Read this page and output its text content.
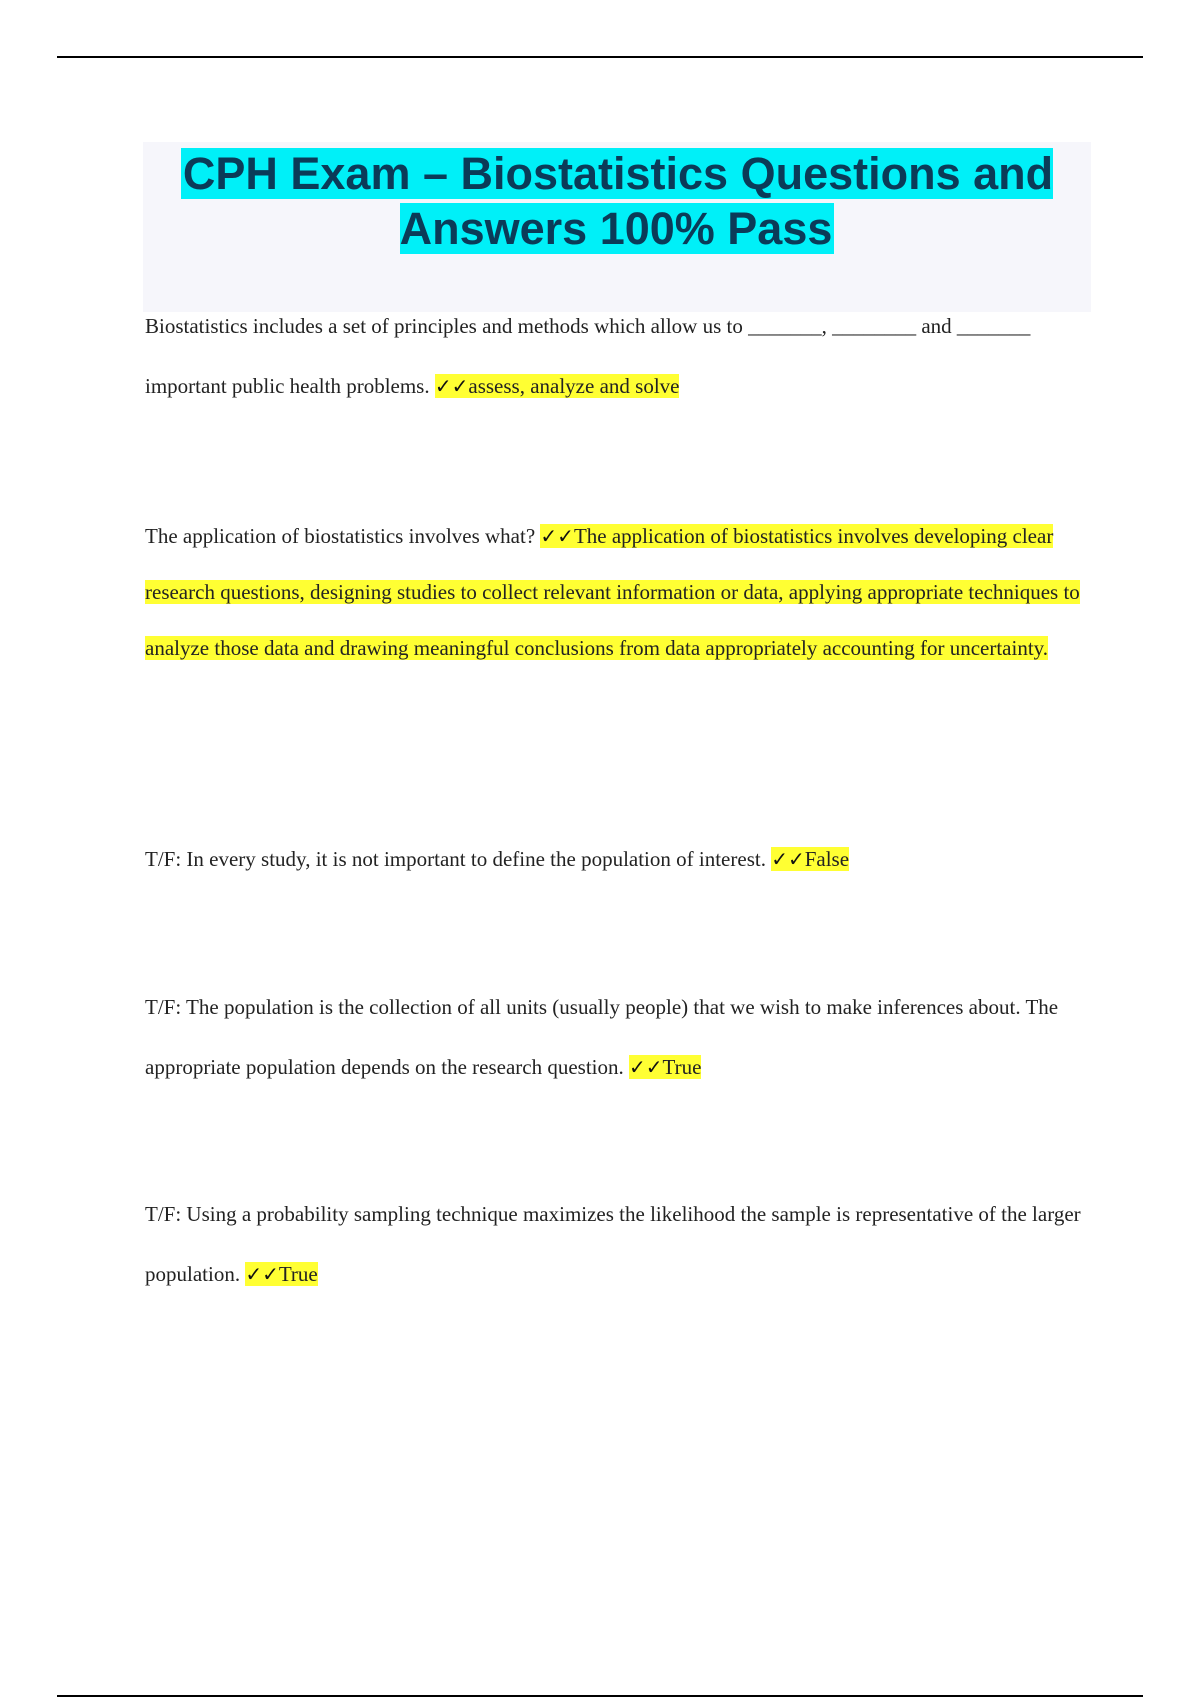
CPH Exam – Biostatistics Questions and Answers 100% Pass

Biostatistics includes a set of principles and methods which allow us to _______, ________ and _______ important public health problems. ✓✓assess, analyze and solve

The application of biostatistics involves what? ✓✓The application of biostatistics involves developing clear research questions, designing studies to collect relevant information or data, applying appropriate techniques to analyze those data and drawing meaningful conclusions from data appropriately accounting for uncertainty.

T/F: In every study, it is not important to define the population of interest. ✓✓False

T/F: The population is the collection of all units (usually people) that we wish to make inferences about. The appropriate population depends on the research question. ✓✓True

T/F: Using a probability sampling technique maximizes the likelihood the sample is representative of the larger population. ✓✓True
